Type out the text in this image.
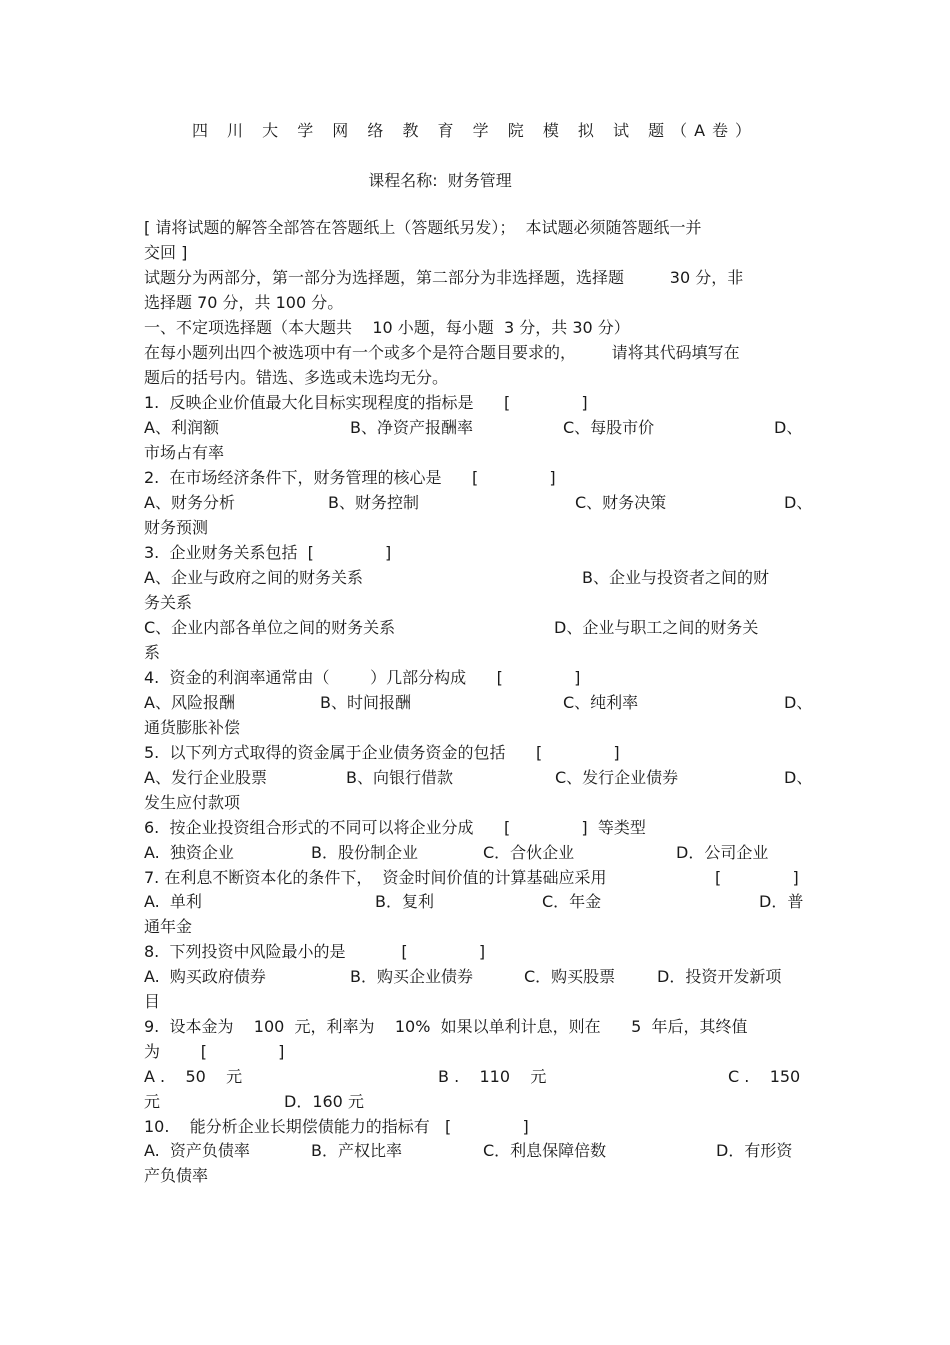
四 川 大 学 网 络 教 育 学 院 模 拟 试 题（A卷）
课程名称:  财务管理
[ 请将试题的解答全部答在答题纸上（答题纸另发）；  本试题必须随答题纸一并
交回 ]
试题分为两部分，第一部分为选择题，第二部分为非选择题，选择题         30 分，非
选择题 70 分，共 100 分。
一、不定项选择题（本大题共    10 小题，每小题  3 分，共 30 分）
在每小题列出四个被选项中有一个或多个是符合题目要求的，       请将其代码填写在
题后的括号内。错选、多选或未选均无分。
1.  反映企业价值最大化目标实现程度的指标是      [              ]

A、利润额

	B、净资产报酬率

	C、每股市价

	D、

市场占有率
2.  在市场经济条件下，财务管理的核心是      [              ]

A、财务分析

	B、财务控制

	C、财务决策

	D、

财务预测
3.  企业财务关系包括  [              ]

A、企业与政府之间的财务关系

	B、企业与投资者之间的财

务关系

C、企业内部各单位之间的财务关系

	D、企业与职工之间的财务关

系
4.  资金的利润率通常由（        ）几部分构成      [              ]

A、风险报酬

	B、时间报酬

	C、纯利率

	D、

通货膨胀补偿
5.  以下列方式取得的资金属于企业债务资金的包括      [              ]

A、发行企业股票

	B、向银行借款

	C、发行企业债券

	D、

发生应付款项
6.  按企业投资组合形式的不同可以将企业分成      [              ]  等类型

A.  独资企业

	B．股份制企业

	C．合伙企业

	D．公司企业

7. 在利息不断资本化的条件下，  资金时间价值的计算基础应采用

	[              ]

A.  单利

	B．复利

	C．年金

	D．普

通年金
8.  下列投资中风险最小的是           [              ]

A.  购买政府债券

	B．购买企业债券

	C．购买股票

	D．投资开发新项

目
9.  设本金为    100  元，利率为    10%  如果以单利计息，则在      5  年后，其终值
为        [              ]

A .    50    元

	B .    110    元

	C .    150

元

	D．160 元

10.    能分析企业长期偿债能力的指标有   [              ]

A.  资产负债率

	B．产权比率

	C．利息保障倍数

	D．有形资

产负债率
